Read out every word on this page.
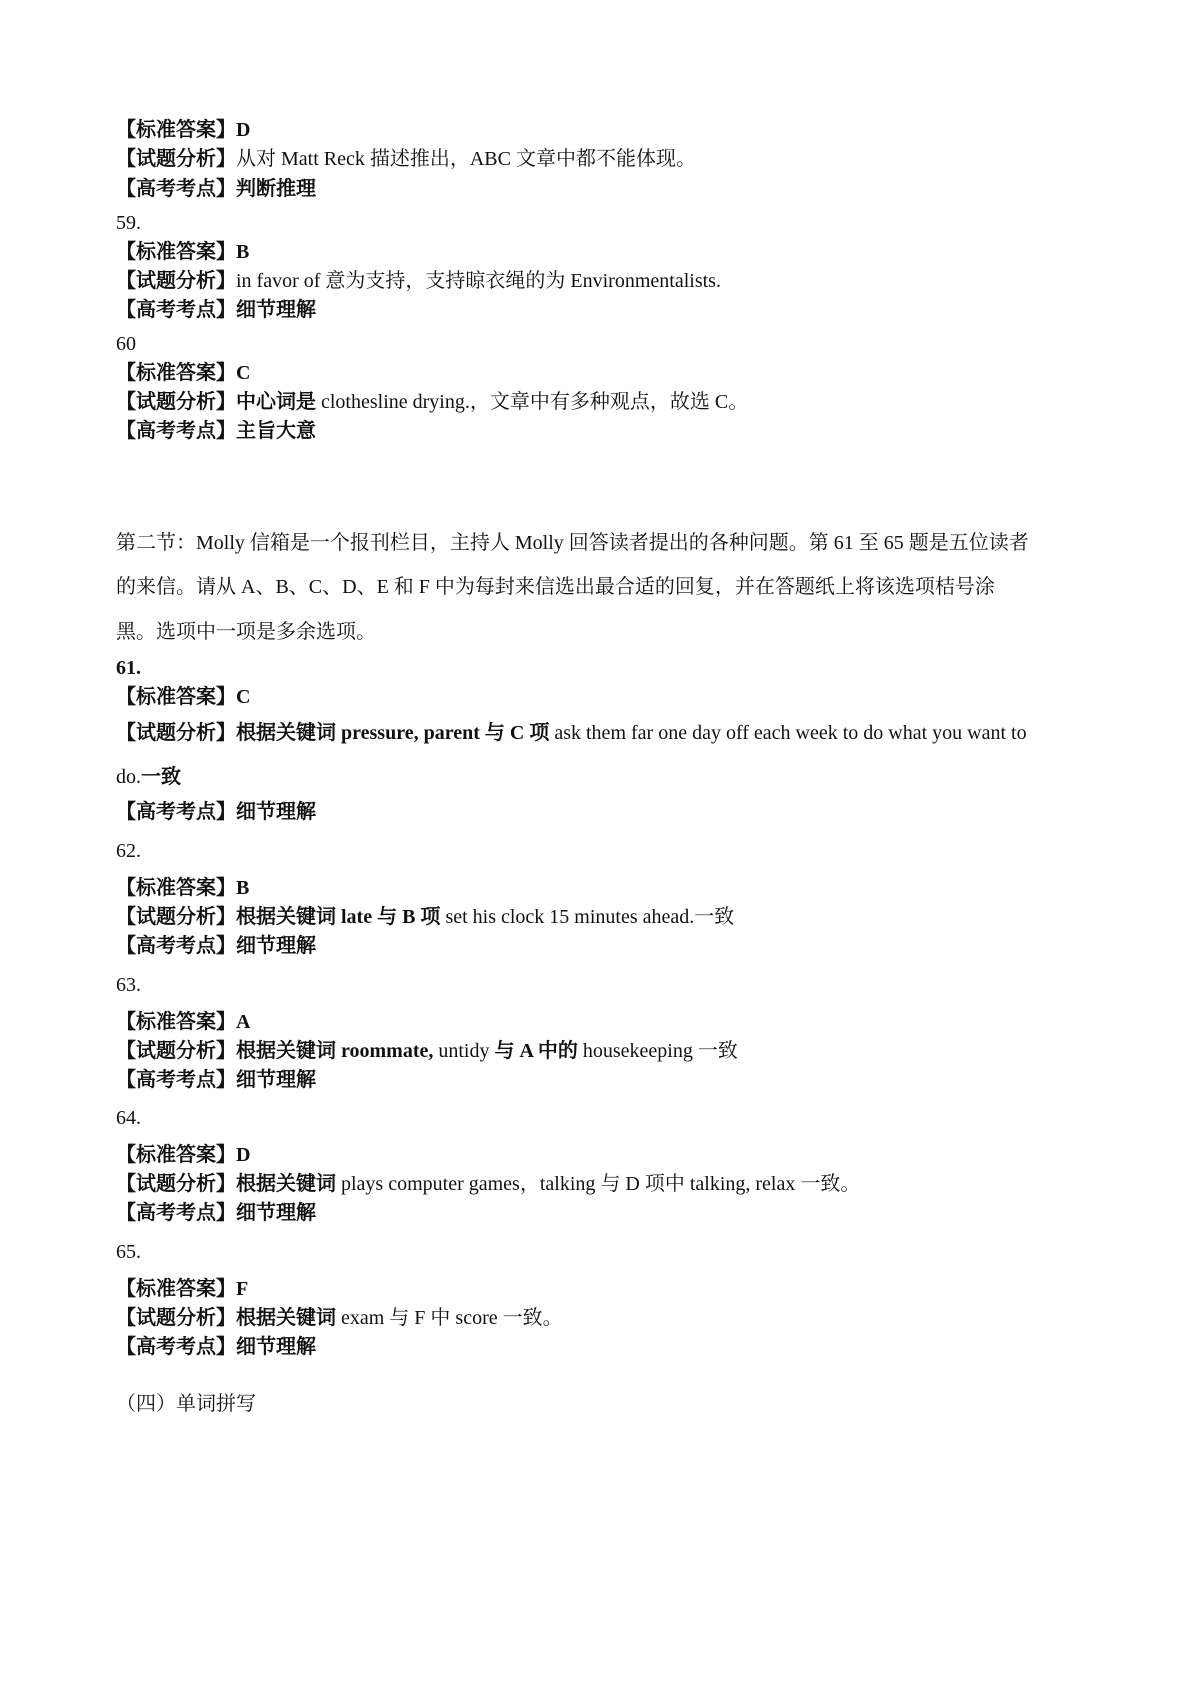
【标准答案】D
【试题分析】从对 Matt Reck 描述推出，ABC 文章中都不能体现。
【高考考点】判断推理
59.
【标准答案】B
【试题分析】in favor of 意为支持，支持晾衣绳的为 Environmentalists.
【高考考点】细节理解
60
【标准答案】C
【试题分析】中心词是 clothesline drying.，文章中有多种观点，故选 C。
【高考考点】主旨大意
第二节：Molly 信箱是一个报刊栏目，主持人 Molly 回答读者提出的各种问题。第 61 至 65 题是五位读者
的来信。请从 A、B、C、D、E 和 F 中为每封来信选出最合适的回复，并在答题纸上将该选项桔号涂
黑。选项中一项是多余选项。
61.
【标准答案】C
【试题分析】根据关键词 pressure, parent 与 C 项 ask them far one day off each week to do what you want to
do.一致
【高考考点】细节理解
62.
【标准答案】B
【试题分析】根据关键词 late 与 B 项 set his clock 15 minutes ahead.一致
【高考考点】细节理解
63.
【标准答案】A
【试题分析】根据关键词 roommate, untidy 与 A 中的 housekeeping 一致
【高考考点】细节理解
64.
【标准答案】D
【试题分析】根据关键词 plays computer games，talking 与 D 项中 talking, relax 一致。
【高考考点】细节理解
65.
【标准答案】F
【试题分析】根据关键词 exam 与 F 中 score 一致。
【高考考点】细节理解
（四）单词拼写
